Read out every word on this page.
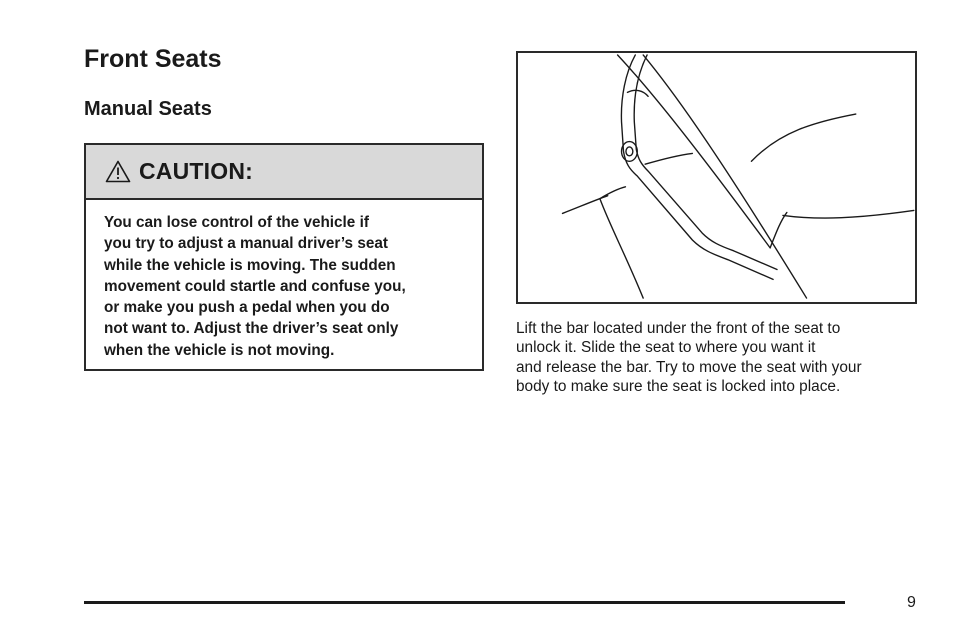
Front Seats
Manual Seats
CAUTION:

You can lose control of the vehicle if
you try to adjust a manual driver’s seat
while the vehicle is moving. The sudden
movement could startle and confuse you,
or make you push a pedal when you do
not want to. Adjust the driver’s seat only
when the vehicle is not moving.

Lift the bar located under the front of the seat to
unlock it. Slide the seat to where you want it
and release the bar. Try to move the seat with your
body to make sure the seat is locked into place.

9
